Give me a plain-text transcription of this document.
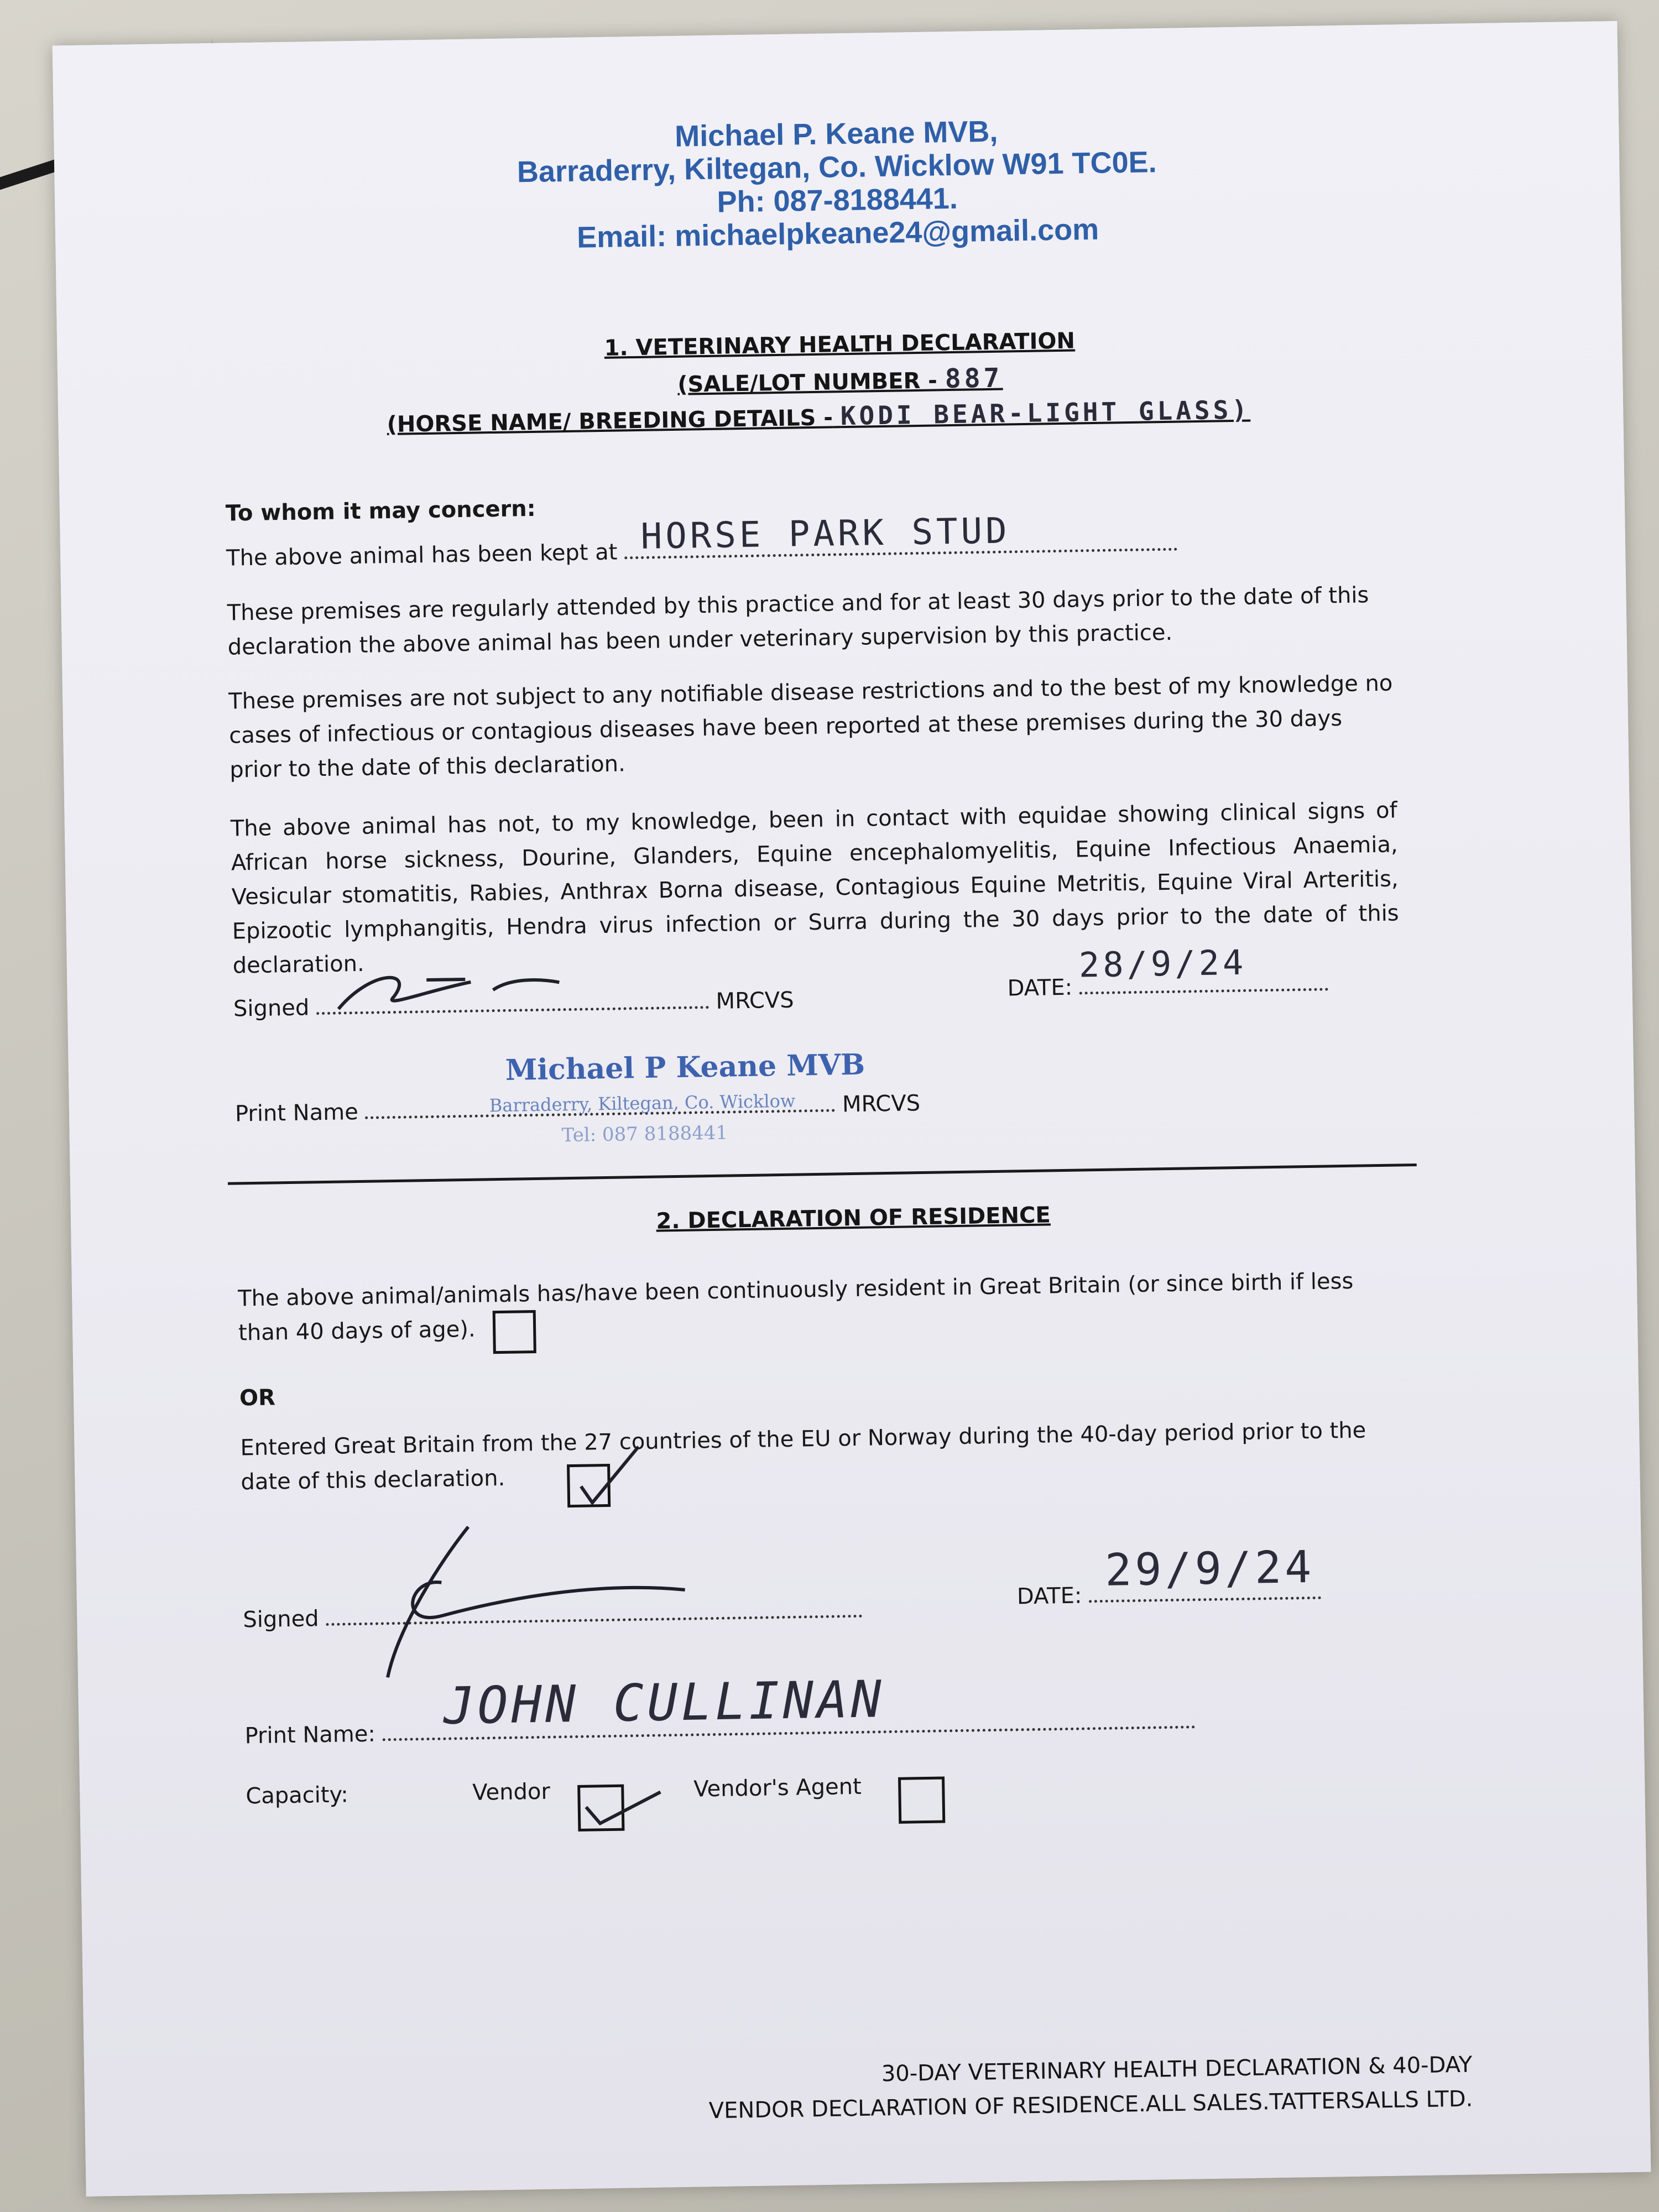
Michael P. Keane MVB,
Barraderry, Kiltegan, Co. Wicklow W91 TC0E.
Ph: 087-8188441.
Email: michaelpkeane24@gmail.com
1. VETERINARY HEALTH DECLARATION
(SALE/LOT NUMBER - 887
(HORSE NAME/ BREEDING DETAILS - KODI BEAR-LIGHT GLASS)
To whom it may concern:
The above animal has been kept at HORSE PARK STUD
These premises are regularly attended by this practice and for at least 30 days prior to the date of this declaration the above animal has been under veterinary supervision by this practice.
These premises are not subject to any notifiable disease restrictions and to the best of my knowledge no cases of infectious or contagious diseases have been reported at these premises during the 30 days prior to the date of this declaration.
The above animal has not, to my knowledge, been in contact with equidae showing clinical signs of African horse sickness, Dourine, Glanders, Equine encephalomyelitis, Equine Infectious Anaemia, Vesicular stomatitis, Rabies, Anthrax Borna disease, Contagious Equine Metritis, Equine Viral Arteritis, Epizootic lymphangitis, Hendra virus infection or Surra during the 30 days prior to the date of this declaration.
Signed	MRCVS	DATE:
28/9/24
Print Name	MRCVS
Michael P Keane MVB
Barraderry, Kiltegan, Co. Wicklow
Tel: 087 8188441
2. DECLARATION OF RESIDENCE
The above animal/animals has/have been continuously resident in Great Britain (or since birth if less than 40 days of age).
OR
Entered Great Britain from the 27 countries of the EU or Norway during the 40-day period prior to the date of this declaration.
Signed
DATE:
29/9/24
Print Name:	JOHN CULLINAN
Capacity:	Vendor	Vendor's Agent
30-DAY VETERINARY HEALTH DECLARATION & 40-DAY
VENDOR DECLARATION OF RESIDENCE.ALL SALES.TATTERSALLS LTD.
